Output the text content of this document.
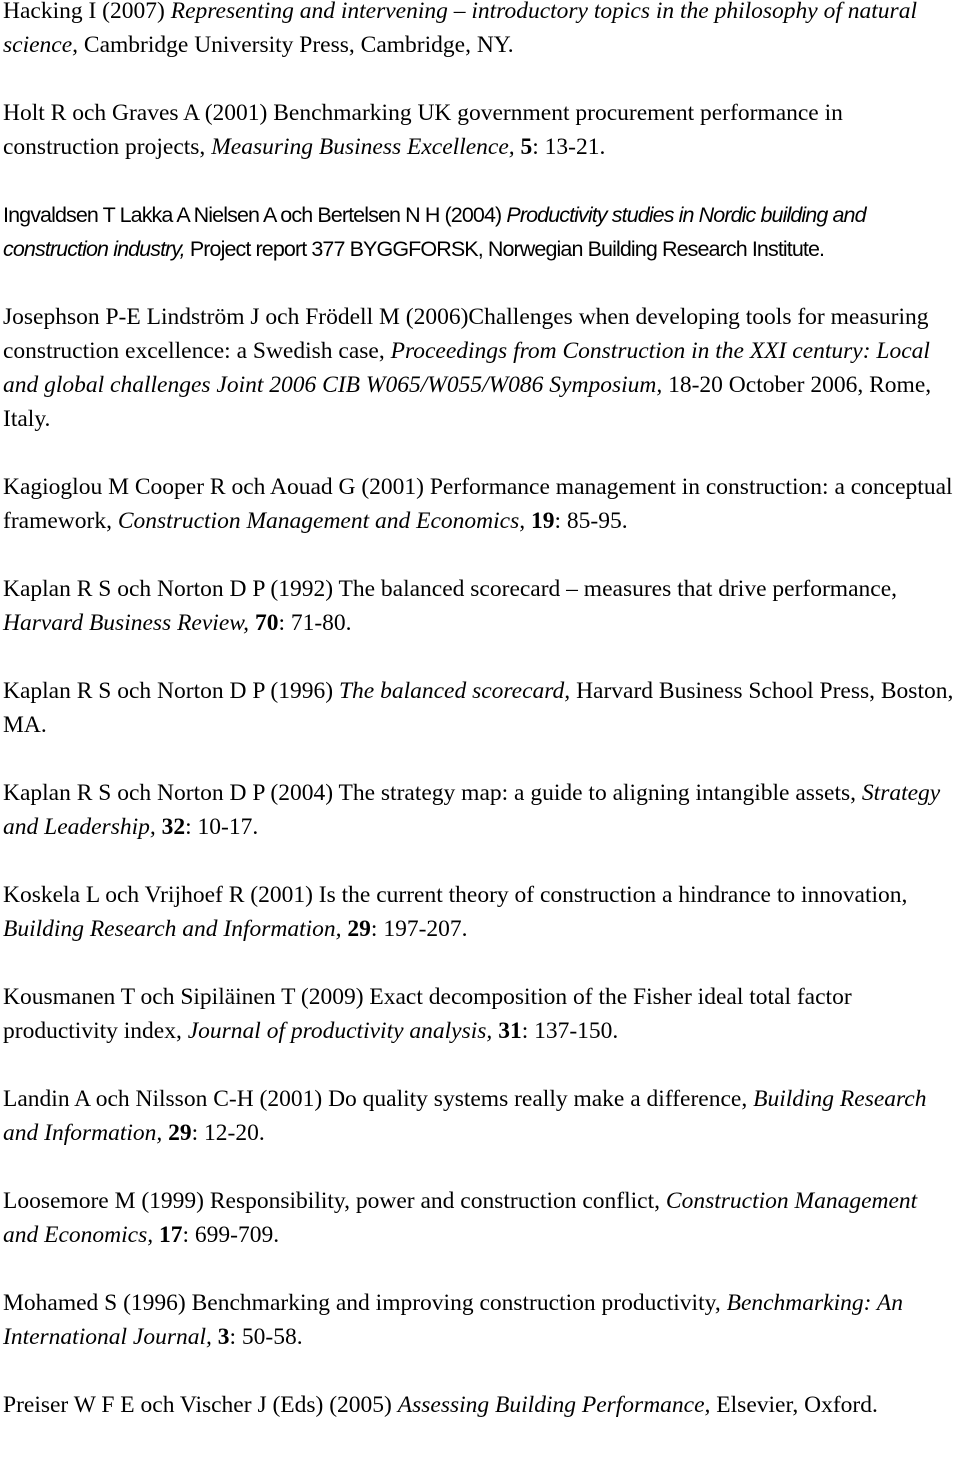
Hacking I (2007) Representing and intervening – introductory topics in the philosophy of natural science, Cambridge University Press, Cambridge, NY.

Holt R och Graves A (2001) Benchmarking UK government procurement performance in construction projects, Measuring Business Excellence, 5: 13-21.

Ingvaldsen T Lakka A Nielsen A och Bertelsen N H (2004) Productivity studies in Nordic building and construction industry, Project report 377 BYGGFORSK, Norwegian Building Research Institute.

Josephson P-E Lindström J och Frödell M (2006)Challenges when developing tools for measuring construction excellence: a Swedish case, Proceedings from Construction in the XXI century: Local and global challenges Joint 2006 CIB W065/W055/W086 Symposium, 18-20 October 2006, Rome, Italy.

Kagioglou M Cooper R och Aouad G (2001) Performance management in construction: a conceptual framework, Construction Management and Economics, 19: 85-95.

Kaplan R S och Norton D P (1992) The balanced scorecard – measures that drive performance, Harvard Business Review, 70: 71-80.

Kaplan R S och Norton D P (1996) The balanced scorecard, Harvard Business School Press, Boston, MA.

Kaplan R S och Norton D P (2004) The strategy map: a guide to aligning intangible assets, Strategy and Leadership, 32: 10-17.

Koskela L och Vrijhoef R (2001) Is the current theory of construction a hindrance to innovation, Building Research and Information, 29: 197-207.

Kousmanen T och Sipiläinen T (2009) Exact decomposition of the Fisher ideal total factor productivity index, Journal of productivity analysis, 31: 137-150.

Landin A och Nilsson C-H (2001) Do quality systems really make a difference, Building Research and Information, 29: 12-20.

Loosemore M (1999) Responsibility, power and construction conflict, Construction Management and Economics, 17: 699-709.

Mohamed S (1996) Benchmarking and improving construction productivity, Benchmarking: An International Journal, 3: 50-58.

Preiser W F E och Vischer J (Eds) (2005) Assessing Building Performance, Elsevier, Oxford.
